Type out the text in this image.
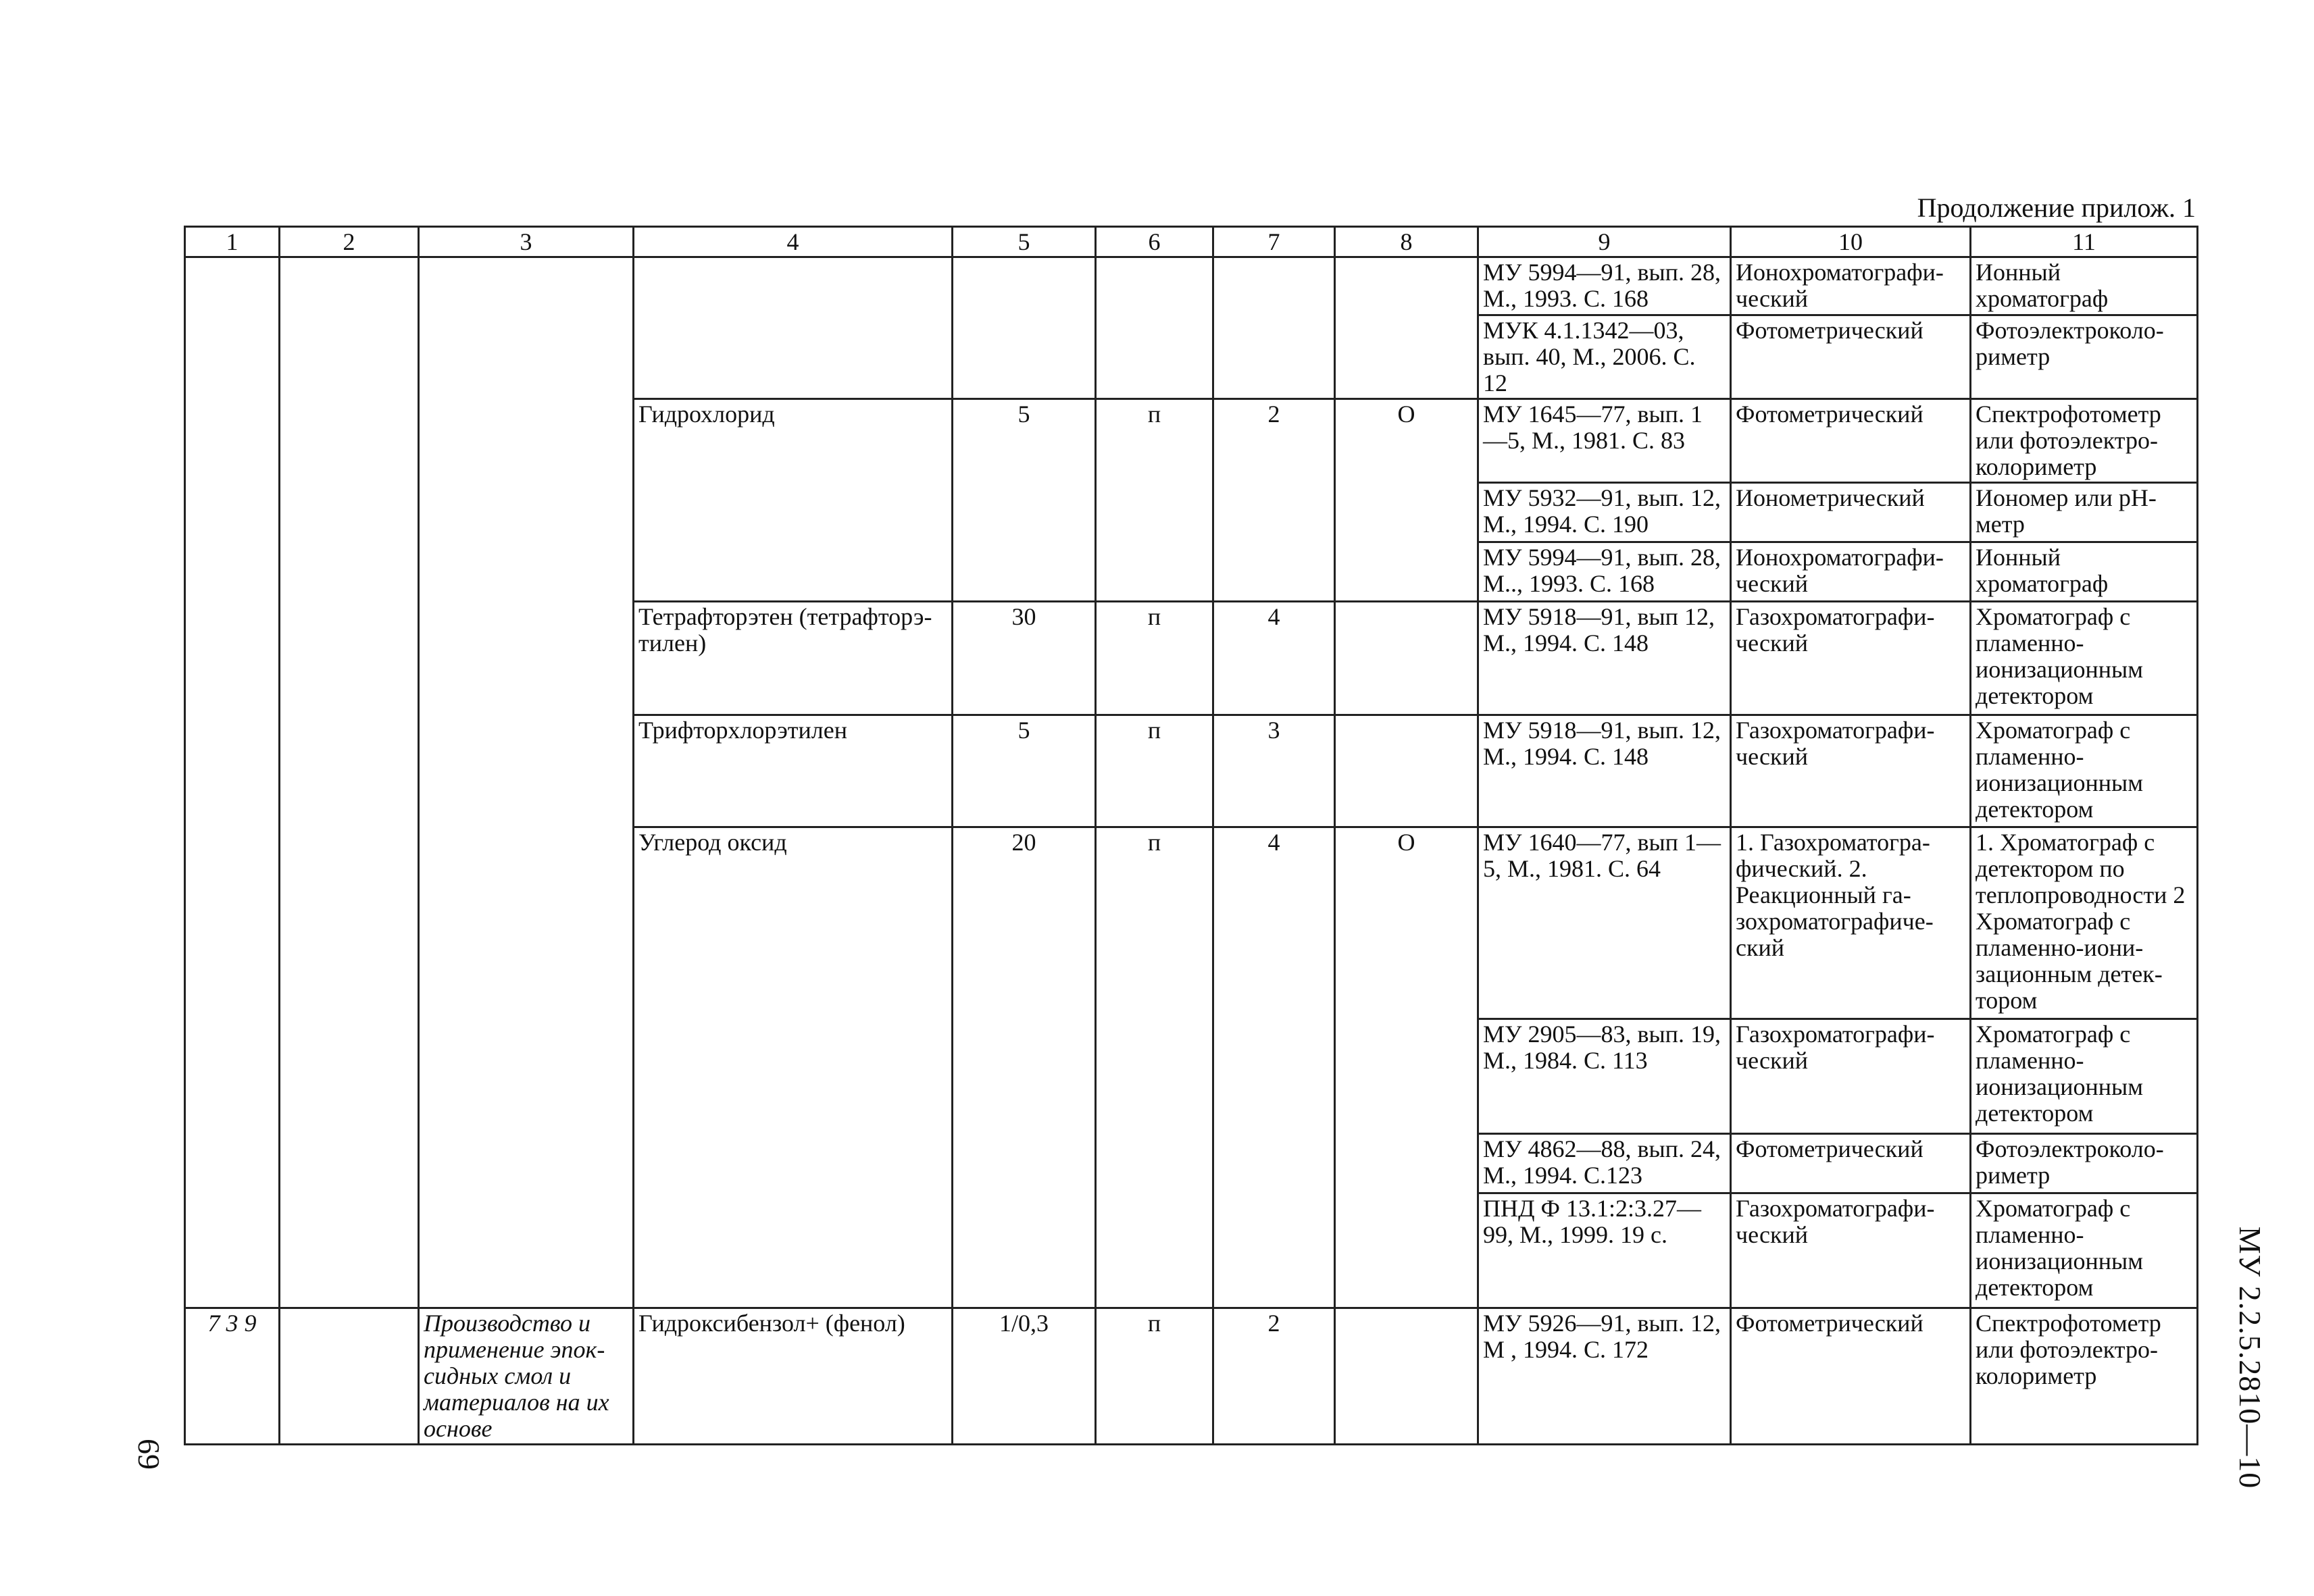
Продолжение прилож. 1
1	2	3	4	5	6	7	8	9	10	11
								МУ 5994—91, вып. 28, М., 1993. С. 168	Ионохроматографи-ческий	Ионный хроматограф
								МУК 4.1.1342—03, вып. 40, М., 2006. С. 12	Фотометрический	Фотоэлектроколо-риметр
			Гидрохлорид	5	п	2	О	МУ 1645—77, вып. 1—5, М., 1981. С. 83	Фотометрический	Спектрофотометр или фотоэлектро-колориметр
								МУ 5932—91, вып. 12, М., 1994. С. 190	Ионометрический	Иономер или pH-метр
								МУ 5994—91, вып. 28, М.., 1993. С. 168	Ионохроматографи-ческий	Ионный хроматограф
			Тетрафторэтен (тетрафторэ-тилен)	30	п	4		МУ 5918—91, вып 12, М., 1994. С. 148	Газохроматографи-ческий	Хроматограф с пламенно-ионизационным детектором
			Трифторхлорэтилен	5	п	3		МУ 5918—91, вып. 12, М., 1994. С. 148	Газохроматографи-ческий	Хроматограф с пламенно-ионизационным детектором
			Углерод оксид	20	п	4	О	МУ 1640—77, вып 1—5, М., 1981. С. 64	1. Газохроматогра-фический. 2. Реакционный га-зохроматографиче-ский	1. Хроматограф с детектором по теплопроводности 2 Хроматограф с пламенно-иони-зационным детек-тором
								МУ 2905—83, вып. 19, М., 1984. С. 113	Газохроматографи-ческий	Хроматограф с пламенно-ионизационным детектором
								МУ 4862—88, вып. 24, М., 1994. С.123	Фотометрический	Фотоэлектроколо-риметр
								ПНД Ф 13.1:2:3.27—99, М., 1999. 19 с.	Газохроматографи-ческий	Хроматограф с пламенно-ионизационным детектором
7 3 9		Производство и применение эпок-сидных смол и материалов на их основе	Гидроксибензол+ (фенол)	1/0,3	п	2		МУ 5926—91, вып. 12, М , 1994. С. 172	Фотометрический	Спектрофотометр или фотоэлектро-колориметр
69	МУ 2.2.5.2810—10
